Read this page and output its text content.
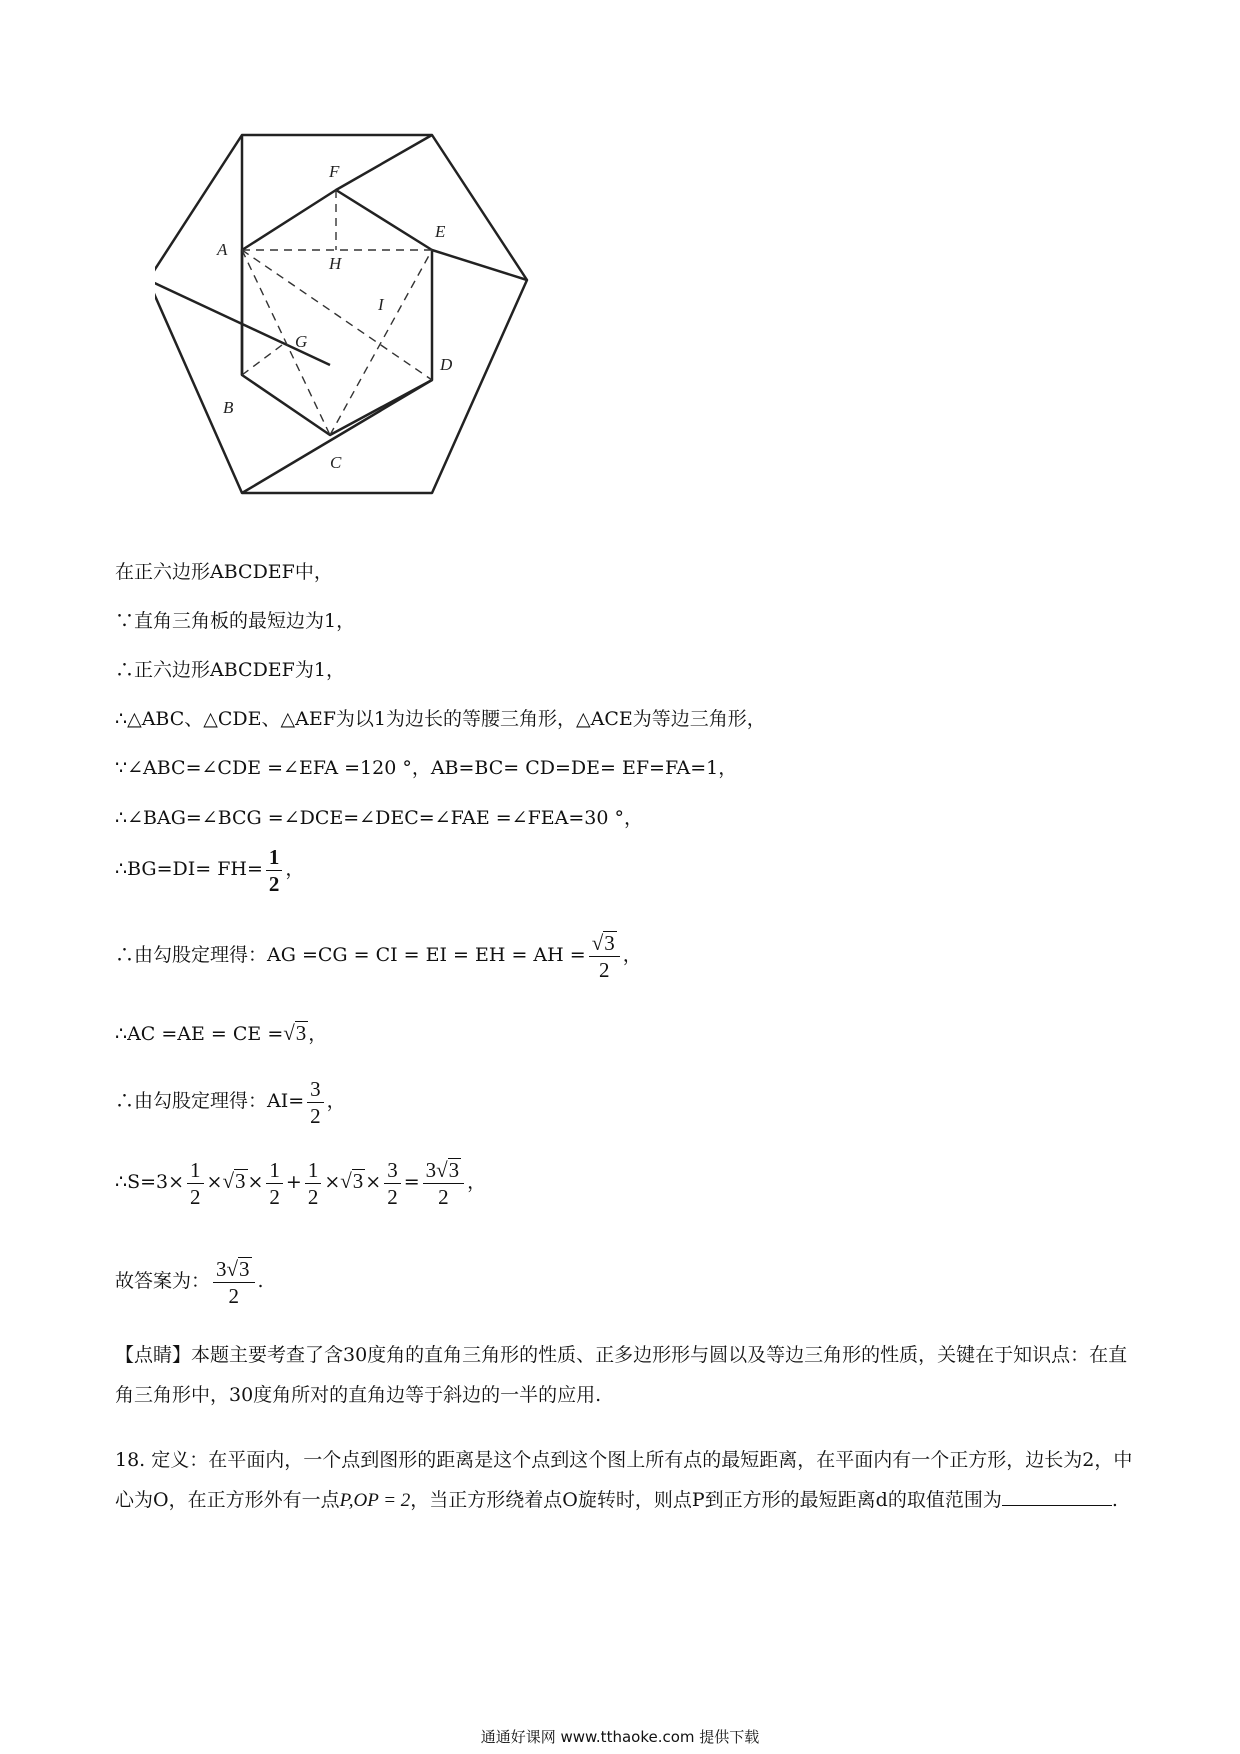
F
E
A
H
I
G
D
B
C
在正六边形ABCDEF中，
∵直角三角板的最短边为1，
∴正六边形ABCDEF为1，
∴△ABC、△CDE、△AEF为以1为边长的等腰三角形，△ACE为等边三角形，
∵∠ABC=∠CDE =∠EFA =120 °，AB=BC= CD=DE= EF=FA=1，
∴∠BAG=∠BCG =∠DCE=∠DEC=∠FAE =∠FEA=30 °，
∴BG=DI= $FH= \frac{1}{2}$ ，
∴由勾股定理得：AG =CG = CI = EI = EH = AH = $\frac{√3}{2}$ ，
∴AC =AE = CE =√3 ，
∴由勾股定理得：$AI= \frac{3}{2}$ ，
∴S=3× $\frac{1}{2} \times√3 \times \frac{1}{2} + \frac{1}{2} \times√3 \times \frac{3}{2} = \frac{3√3}{2}$ ，
故答案为： $\frac{3√3}{2}$ .
【点睛】本题主要考查了含30度角的直角三角形的性质、正多边形形与圆以及等边三角形的性质，关键在于知识点：在直角三角形中，30度角所对的直角边等于斜边的一半的应用.
18. 定义：在平面内，一个点到图形的距离是这个点到这个图上所有点的最短距离，在平面内有一个正方形，边长为2，中心为O，在正方形外有一点P,OP = 2，当正方形绕着点O旋转时，则点P到正方形的最短距离d的取值范围为	.
通通好课网 www.tthaoke.com 提供下载
